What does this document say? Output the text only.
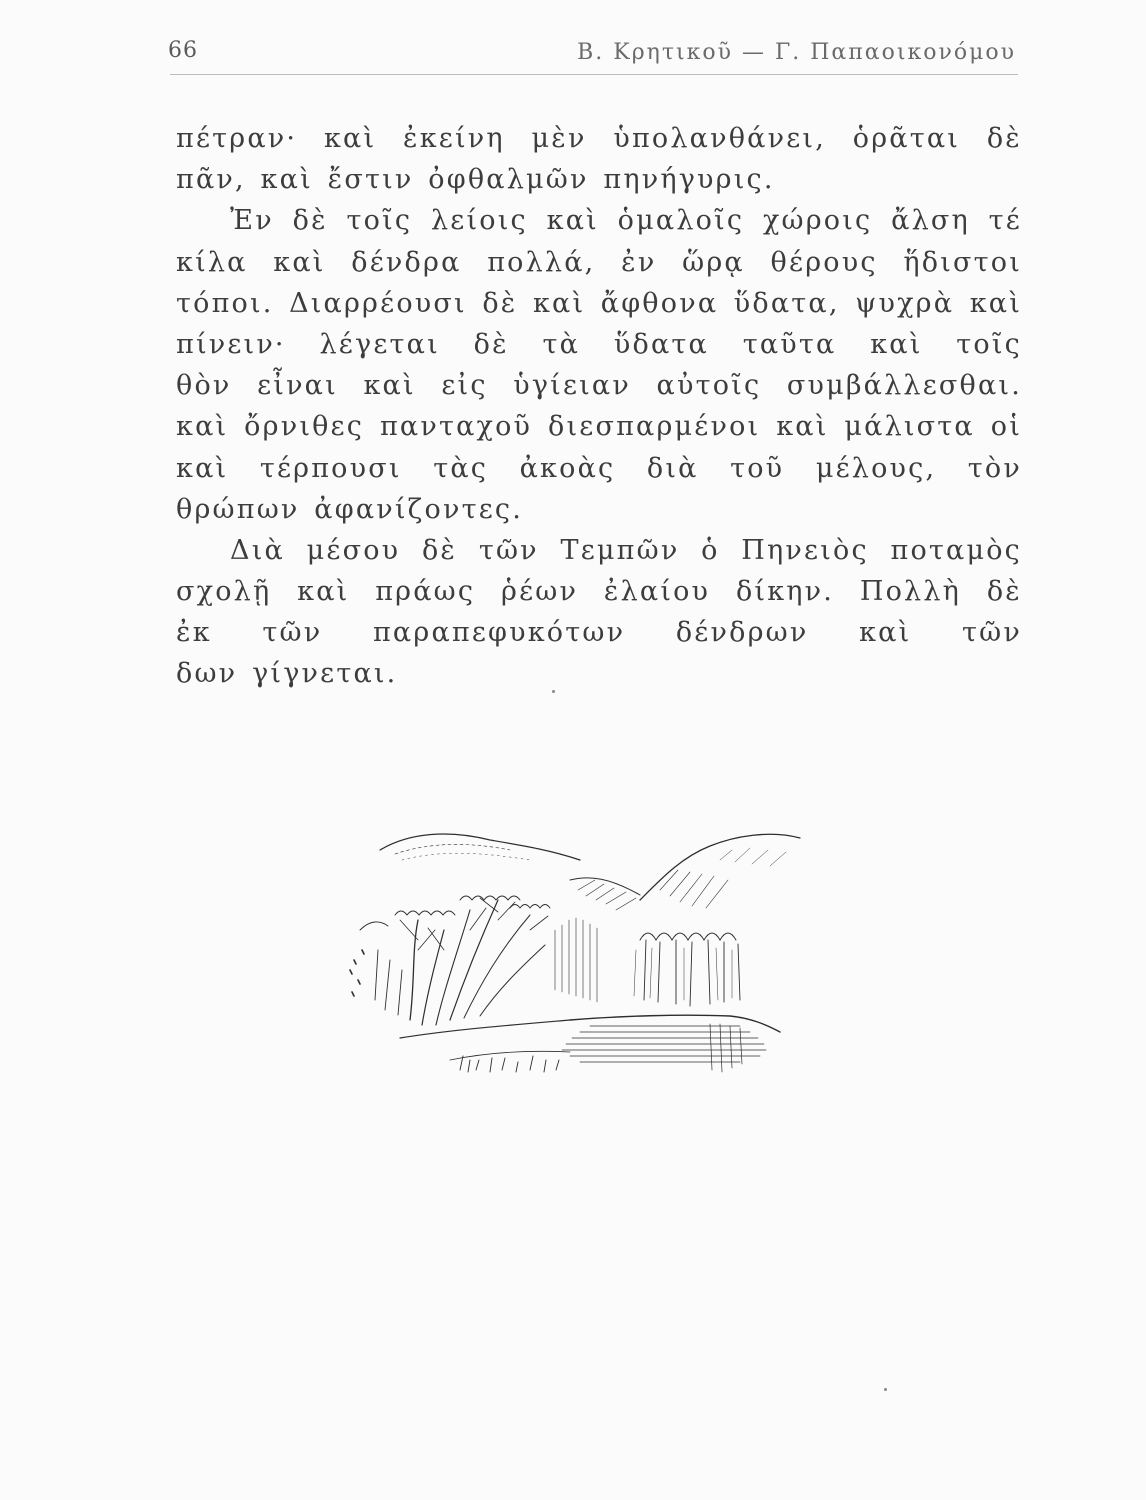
66	Β. Κρητικοῦ — Γ. Παπαοικονόμου
πέτραν· καὶ ἐκείνη μὲν ὑπολανθάνει, ὁρᾶται δὲ
πᾶν, καὶ ἔστιν ὀφθαλμῶν πηνήγυρις.
Ἐν δὲ τοῖς λείοις καὶ ὁμαλοῖς χώροις ἄλση τέ
κίλα καὶ δένδρα πολλά, ἐν ὥρᾳ θέρους ἥδιστοι
τόποι. Διαρρέουσι δὲ καὶ ἄφθονα ὕδατα, ψυχρὰ καὶ
πίνειν· λέγεται δὲ τὰ ὕδατα ταῦτα καὶ τοῖς
θὸν εἶναι καὶ εἰς ὑγίειαν αὐτοῖς συμβάλλεσθαι.
καὶ ὄρνιθες πανταχοῦ διεσπαρμένοι καὶ μάλιστα οἱ
καὶ τέρπουσι τὰς ἀκοὰς διὰ τοῦ μέλους, τὸν
θρώπων ἀφανίζοντες.
Διὰ μέσου δὲ τῶν Τεμπῶν ὁ Πηνειὸς ποταμὸς
σχολῇ καὶ πράως ῥέων ἐλαίου δίκην. Πολλὴ δὲ
ἐκ τῶν παραπεφυκότων δένδρων καὶ τῶν
δων γίγνεται.
